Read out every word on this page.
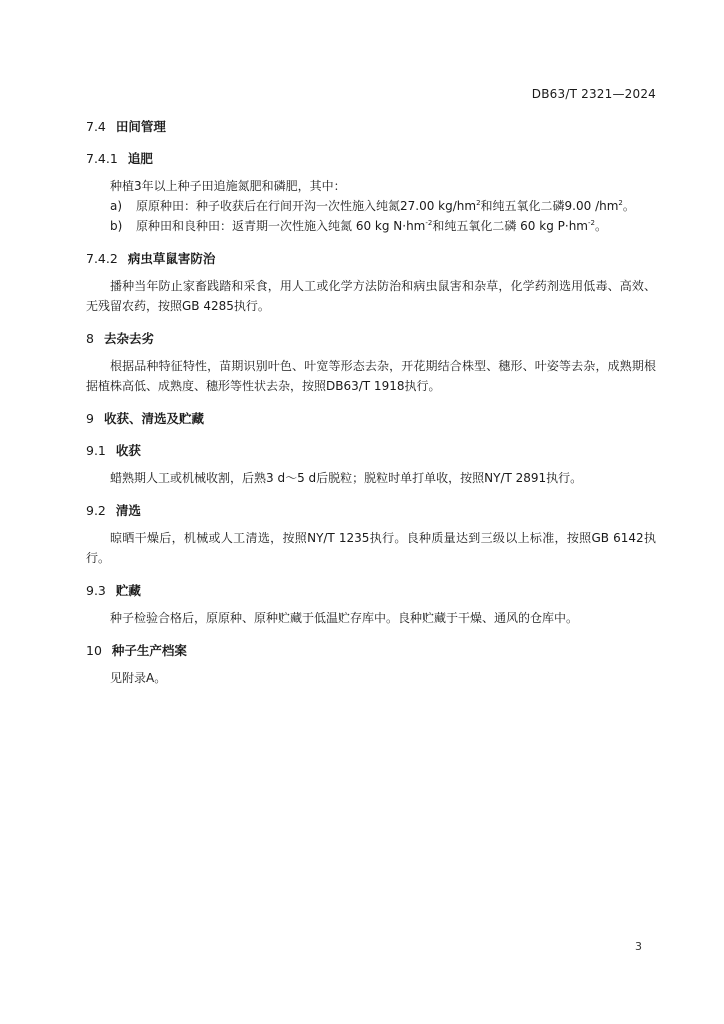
DB63/T 2321—2024

7.4 田间管理

7.4.1 追肥

种植3年以上种子田追施氮肥和磷肥，其中：

a) 原原种田：种子收获后在行间开沟一次性施入纯氮27.00 $kg/hm^2$和纯五氧化二磷9.00 $/hm^2$。

b) 原种田和良种田：返青期一次性施入纯氮 60 kg $N\cdot hm^{-2}$和纯五氧化二磷 60 kg $P\cdot hm^{-2}$。

7.4.2 病虫草鼠害防治

播种当年防止家畜践踏和采食，用人工或化学方法防治和病虫鼠害和杂草，化学药剂选用低毒、高效、无残留农药，按照GB 4285执行。

8 去杂去劣

根据品种特征特性，苗期识别叶色、叶宽等形态去杂，开花期结合株型、穗形、叶姿等去杂，成熟期根据植株高低、成熟度、穗形等性状去杂，按照DB63/T 1918执行。

9 收获、清选及贮藏

9.1 收获

蜡熟期人工或机械收割，后熟3 d～5 d后脱粒；脱粒时单打单收，按照NY/T 2891执行。

9.2 清选

晾晒干燥后，机械或人工清选，按照NY/T 1235执行。良种质量达到三级以上标准，按照GB 6142执行。

9.3 贮藏

种子检验合格后，原原种、原种贮藏于低温贮存库中。良种贮藏于干燥、通风的仓库中。

10 种子生产档案

见附录A。

3
